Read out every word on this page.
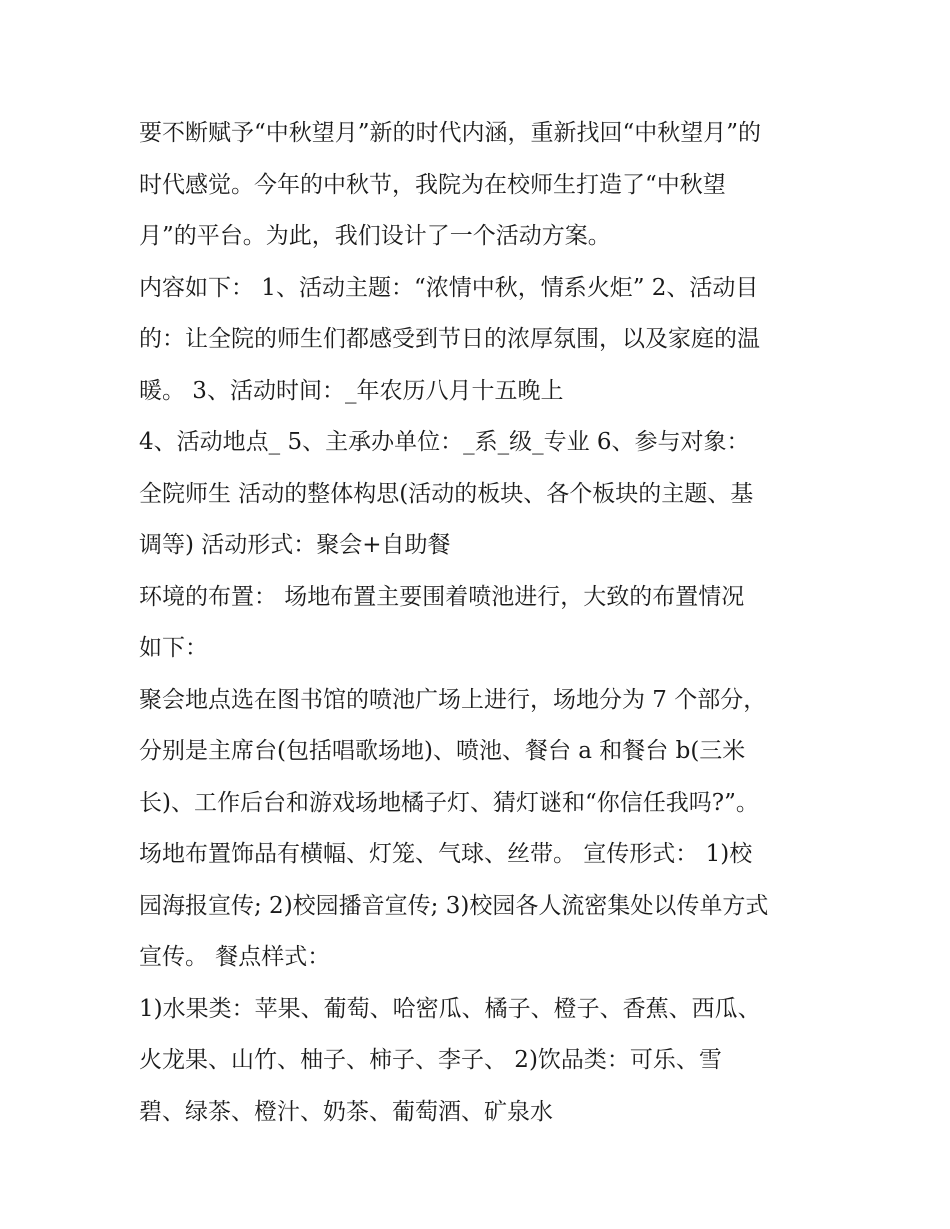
要不断赋予“中秋望月”新的时代内涵，重新找回“中秋望月”的
时代感觉。今年的中秋节，我院为在校师生打造了“中秋望
月”的平台。为此，我们设计了一个活动方案。
内容如下： 1、活动主题：“浓情中秋，情系火炬” 2、活动目
的：让全院的师生们都感受到节日的浓厚氛围，以及家庭的温
暖。 3、活动时间：_年农历八月十五晚上
4、活动地点_ 5、主承办单位：_系_级_专业 6、参与对象：
全院师生 活动的整体构思(活动的板块、各个板块的主题、基
调等) 活动形式：聚会+自助餐
环境的布置： 场地布置主要围着喷池进行，大致的布置情况
如下：
聚会地点选在图书馆的喷池广场上进行，场地分为 7 个部分，
分别是主席台(包括唱歌场地)、喷池、餐台 a 和餐台 b(三米
长)、工作后台和游戏场地橘子灯、猜灯谜和“你信任我吗?”。
场地布置饰品有横幅、灯笼、气球、丝带。 宣传形式： 1)校
园海报宣传; 2)校园播音宣传; 3)校园各人流密集处以传单方式
宣传。 餐点样式：
1)水果类：苹果、葡萄、哈密瓜、橘子、橙子、香蕉、西瓜、
火龙果、山竹、柚子、柿子、李子、 2)饮品类：可乐、雪
碧、绿茶、橙汁、奶茶、葡萄酒、矿泉水
